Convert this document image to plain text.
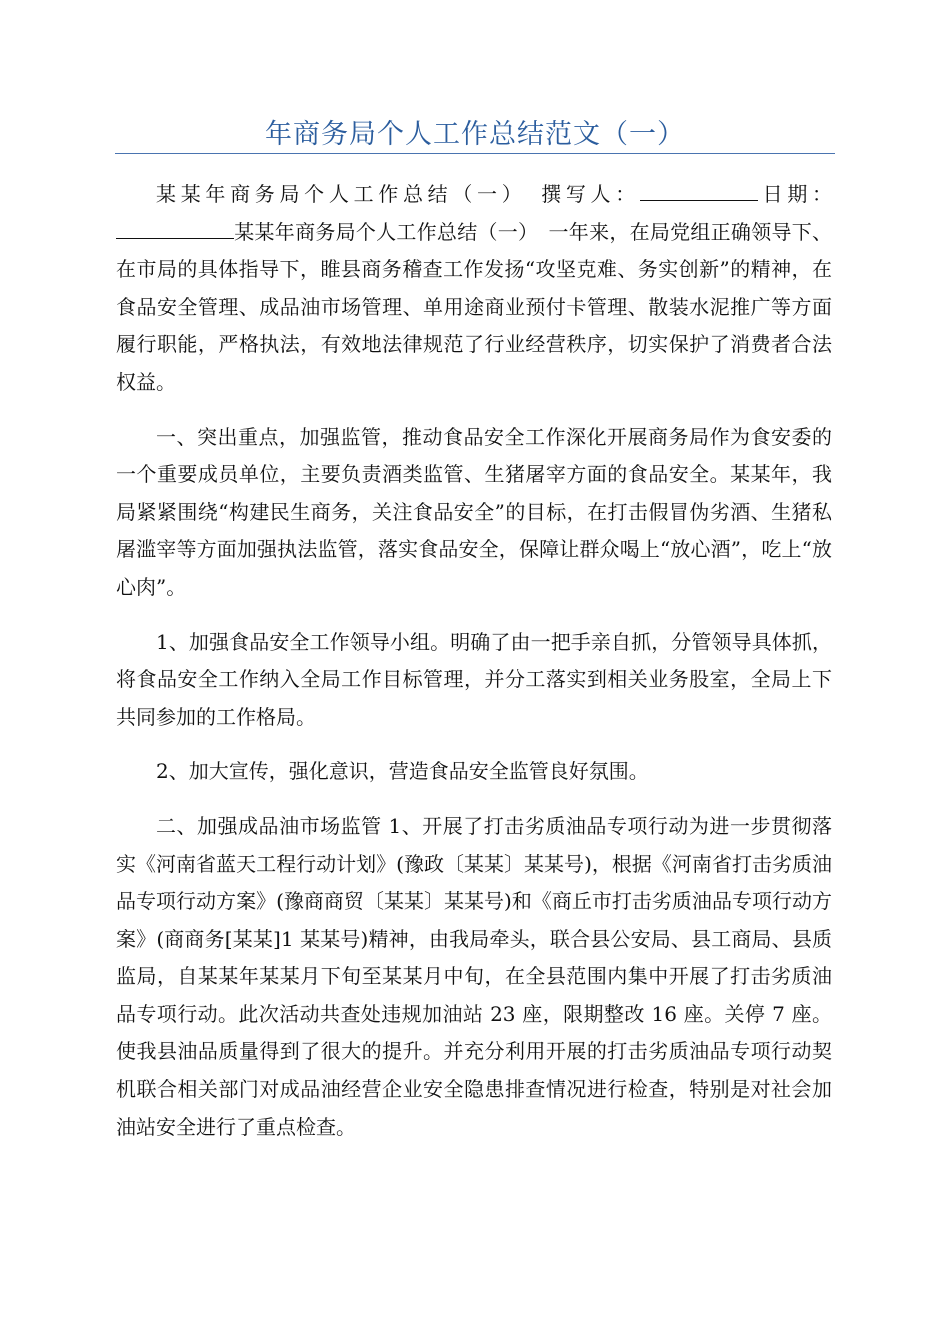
年商务局个人工作总结范文（一）

某某年商务局个人工作总结（一）　撰写人：	日期：某某年商务局个人工作总结（一）　一年来，在局党组正确领导下、在市局的具体指导下，睢县商务稽查工作发扬“攻坚克难、务实创新”的精神，在食品安全管理、成品油市场管理、单用途商业预付卡管理、散装水泥推广等方面履行职能，严格执法，有效地法律规范了行业经营秩序，切实保护了消费者合法权益。

一、突出重点，加强监管，推动食品安全工作深化开展商务局作为食安委的一个重要成员单位，主要负责酒类监管、生猪屠宰方面的食品安全。某某年，我局紧紧围绕“构建民生商务，关注食品安全”的目标，在打击假冒伪劣酒、生猪私屠滥宰等方面加强执法监管，落实食品安全，保障让群众喝上“放心酒”，吃上“放心肉”。

1、加强食品安全工作领导小组。明确了由一把手亲自抓，分管领导具体抓，将食品安全工作纳入全局工作目标管理，并分工落实到相关业务股室，全局上下共同参加的工作格局。

2、加大宣传，强化意识，营造食品安全监管良好氛围。

二、加强成品油市场监管 1、开展了打击劣质油品专项行动为进一步贯彻落实《河南省蓝天工程行动计划》(豫政〔某某〕某某号)，根据《河南省打击劣质油品专项行动方案》(豫商商贸〔某某〕某某号)和《商丘市打击劣质油品专项行动方案》(商商务[某某]1 某某号)精神，由我局牵头，联合县公安局、县工商局、县质监局，自某某年某某月下旬至某某月中旬，在全县范围内集中开展了打击劣质油品专项行动。此次活动共查处违规加油站 23 座，限期整改 16 座。关停 7 座。使我县油品质量得到了很大的提升。并充分利用开展的打击劣质油品专项行动契机联合相关部门对成品油经营企业安全隐患排查情况进行检查，特别是对社会加油站安全进行了重点检查。
